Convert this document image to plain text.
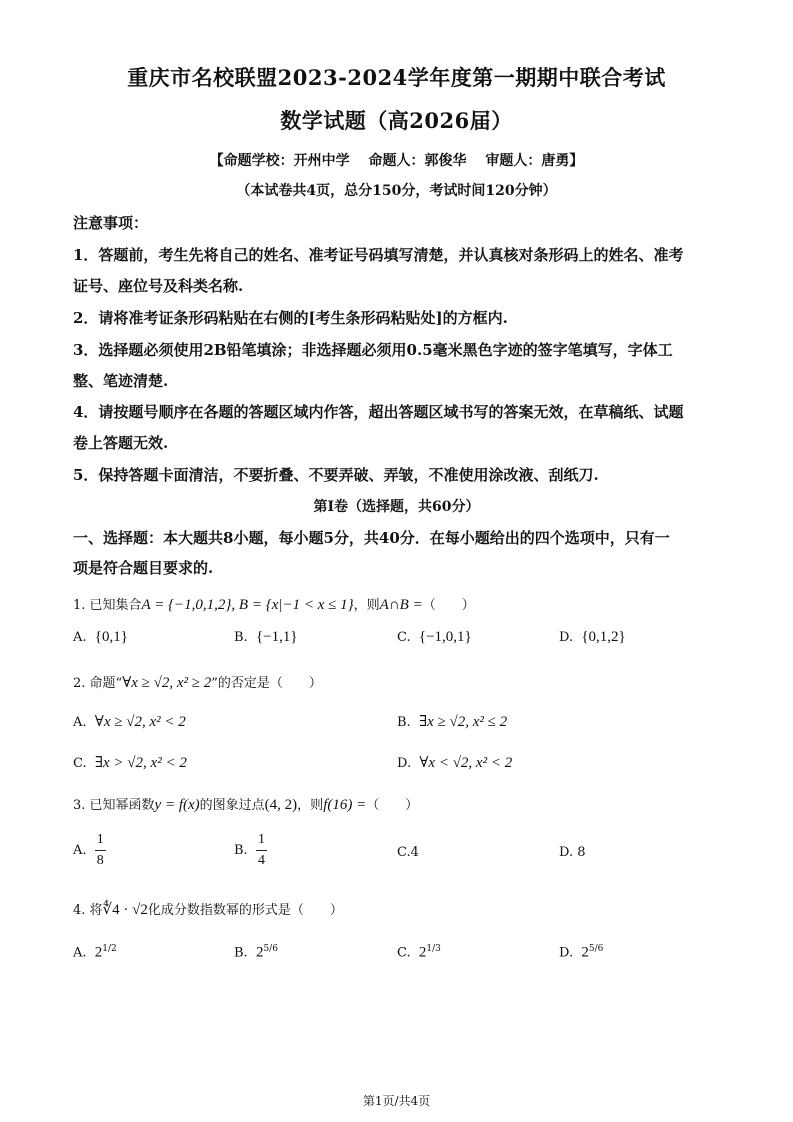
重庆市名校联盟2023-2024学年度第一期期中联合考试
数学试题（高2026届）
【命题学校：开州中学　 命题人：郭俊华　 审题人：唐勇】
（本试卷共4页，总分150分，考试时间120分钟）
注意事项：
1．答题前，考生先将自己的姓名、准考证号码填写清楚，并认真核对条形码上的姓名、准考
证号、座位号及科类名称.
2．请将准考证条形码粘贴在右侧的[考生条形码粘贴处]的方框内.
3．选择题必须使用2B铅笔填涂；非选择题必须用0.5毫米黑色字迹的签字笔填写，字体工
整、笔迹清楚.
4．请按题号顺序在各题的答题区域内作答，超出答题区域书写的答案无效，在草稿纸、试题
卷上答题无效.
5．保持答题卡面清洁，不要折叠、不要弄破、弄皱，不准使用涂改液、刮纸刀.
第Ⅰ卷（选择题，共60分）
一、选择题：本大题共8小题，每小题5分，共40分．在每小题给出的四个选项中，只有一
项是符合题目要求的.
1. 已知集合A = {−1,0,1,2}, B = {x|−1 < x ≤ 1}，则A∩B =（　　）
A. {0,1}	B. {−1,1}	C. {−1,0,1}	D. {0,1,2}
2. 命题“∀x ≥ √2, x² ≥ 2”的否定是（　　）
A. ∀x ≥ √2, x² < 2	B. ∃x ≥ √2, x² ≤ 2
C. ∃x > √2, x² < 2	D. ∀x < √2, x² < 2
3. 已知幂函数y = f(x)的图象过点(4, 2)，则f(16) =（　　）
A. $\frac{1}{8}$	B. $\frac{1}{4}$	C.4	D. 8
4. 将∜4 · √2化成分数指数幂的形式是（　　）
A. $2^{1/2}$	B. $2^{5/6}$	C. $2^{1/3}$	D. $2^{5/6}$
第1页/共4页
